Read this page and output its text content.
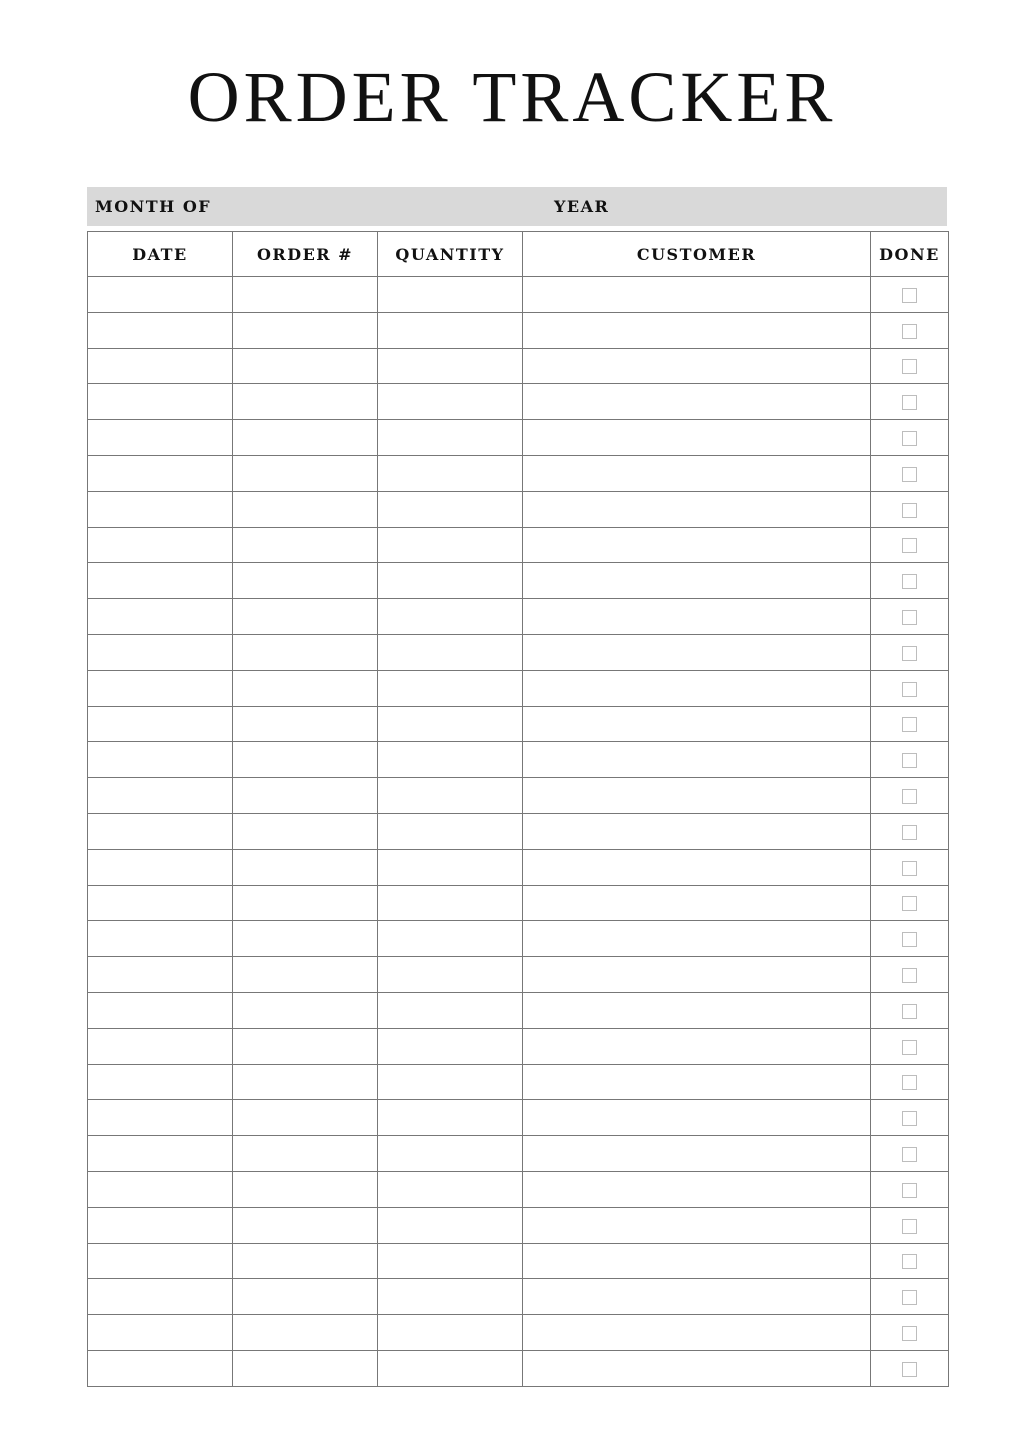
ORDER TRACKER
MONTH OF	YEAR
DATE	ORDER #	QUANTITY	CUSTOMER	DONE
